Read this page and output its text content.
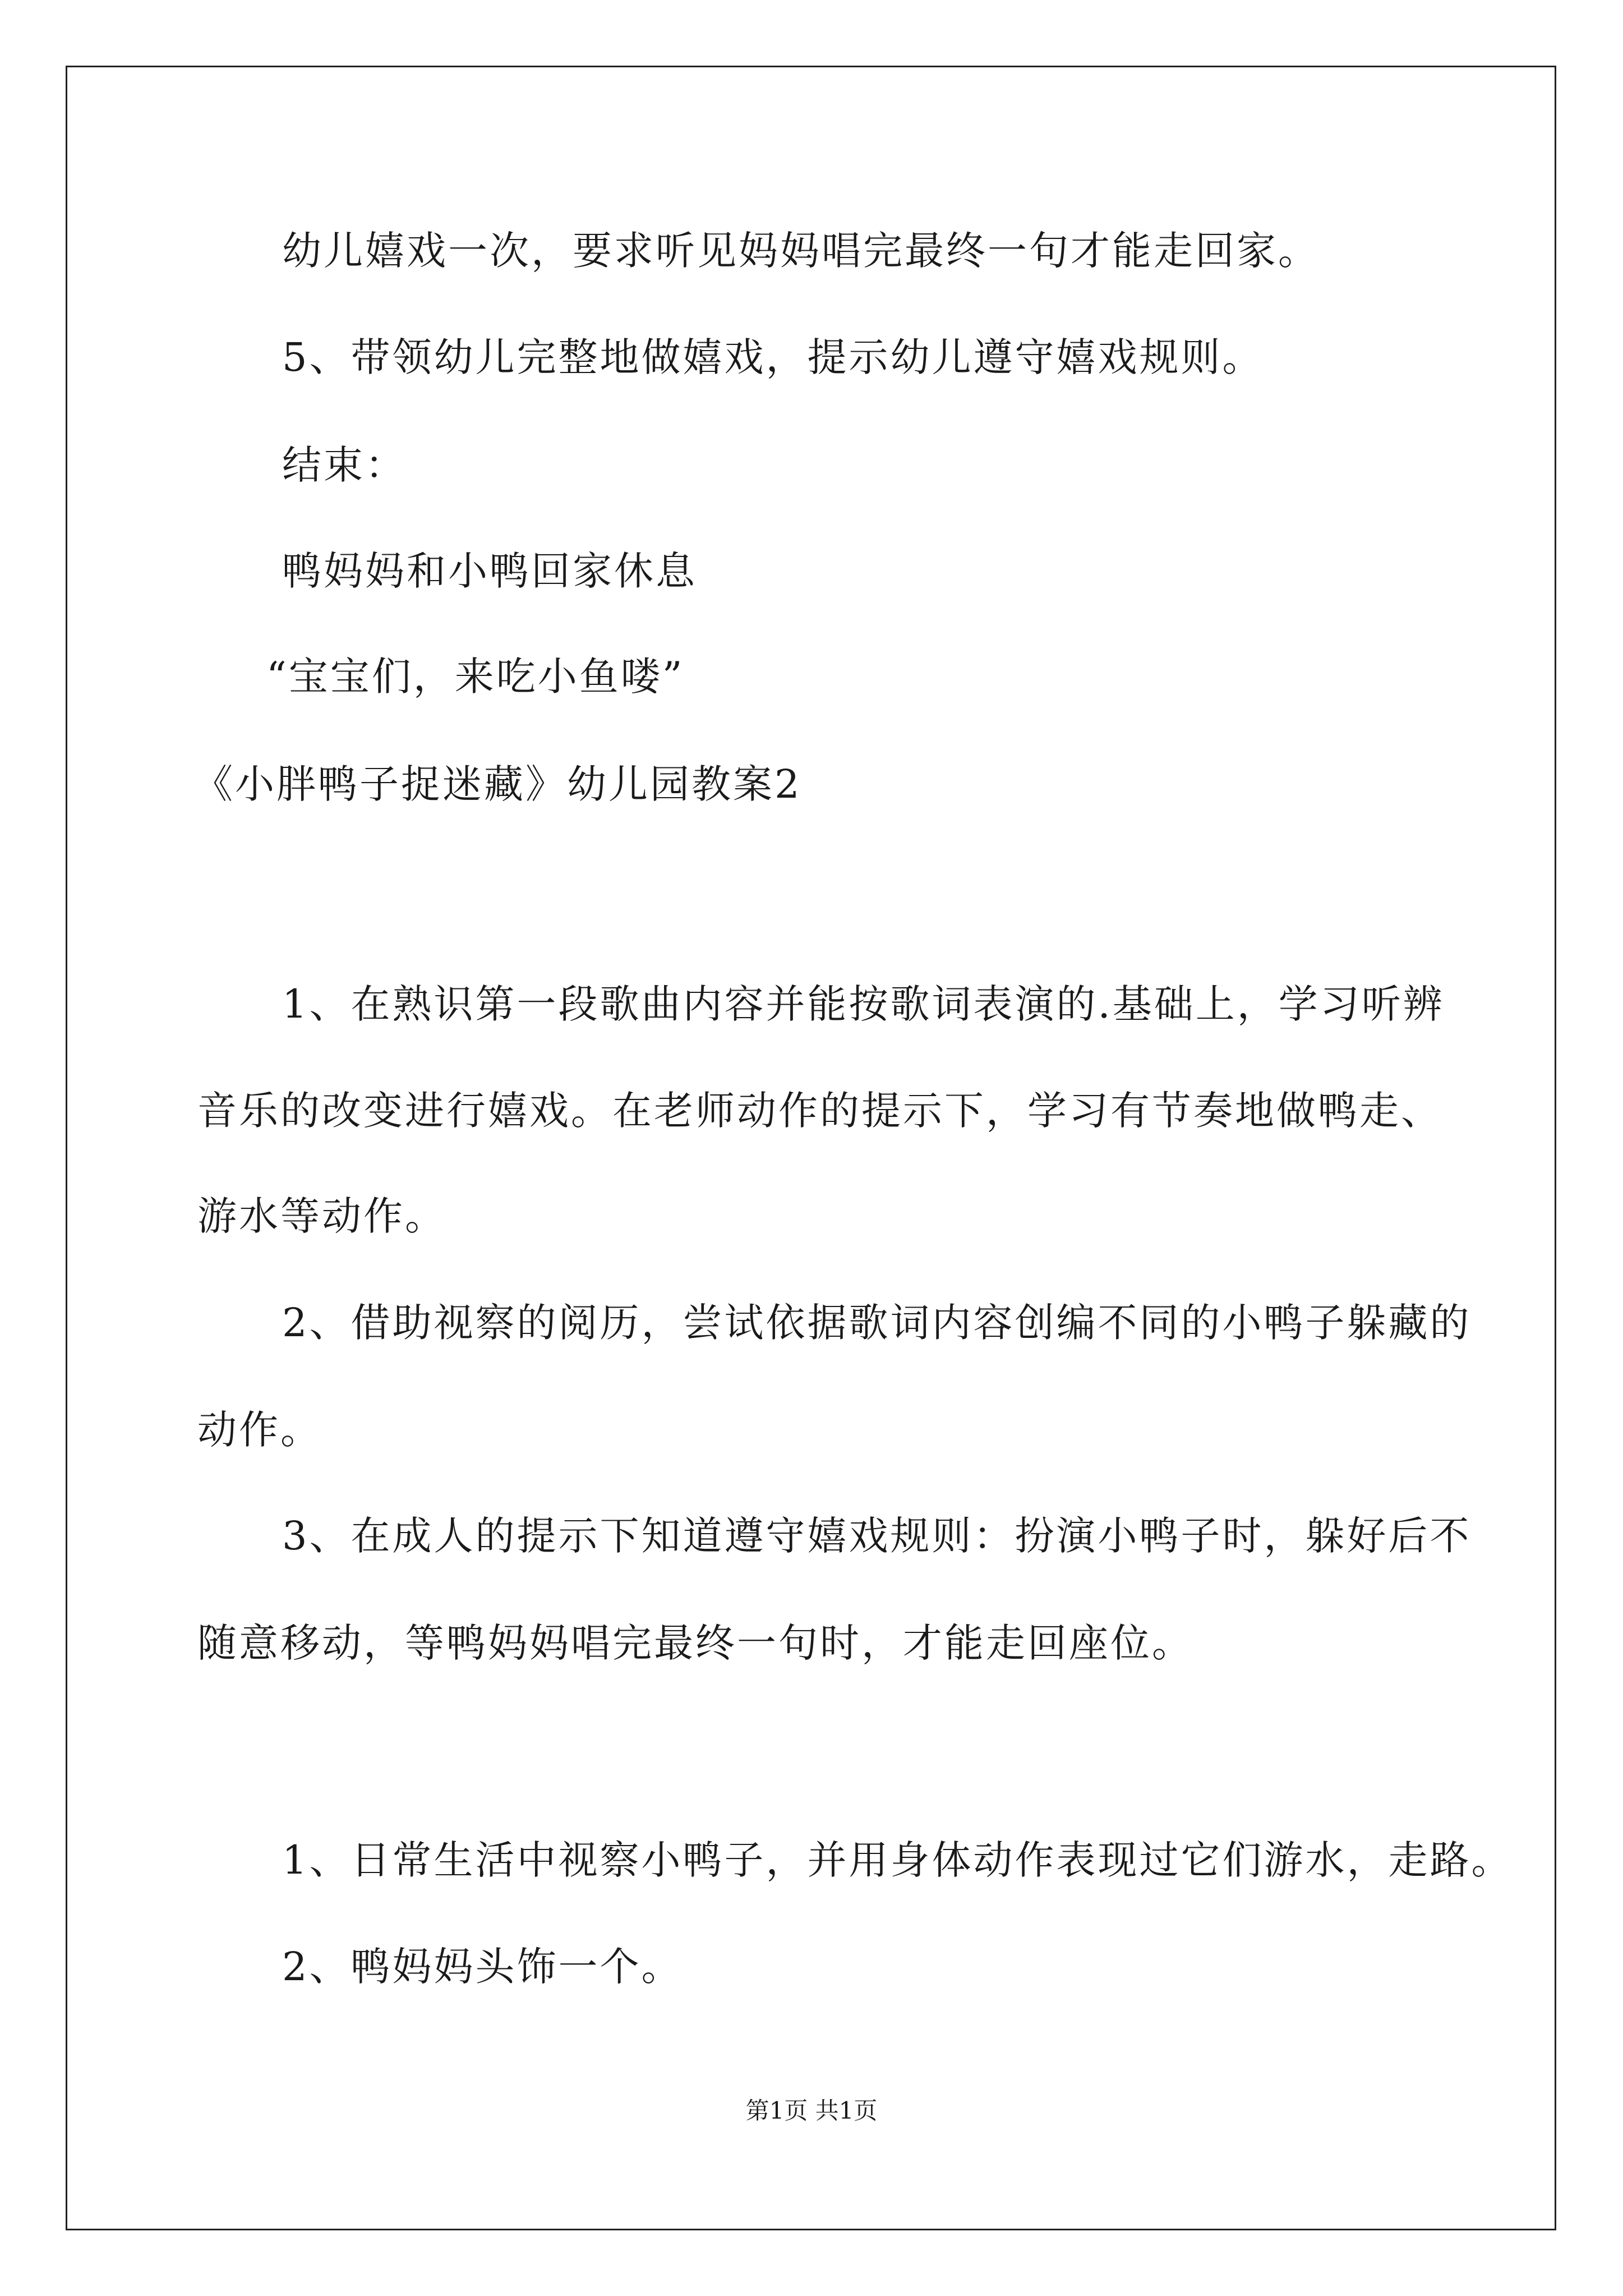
幼儿嬉戏一次，要求听见妈妈唱完最终一句才能走回家。
5、带领幼儿完整地做嬉戏，提示幼儿遵守嬉戏规则。
结束：
鸭妈妈和小鸭回家休息
“宝宝们，来吃小鱼喽”
《小胖鸭子捉迷藏》幼儿园教案2
1、在熟识第一段歌曲内容并能按歌词表演的.基础上，学习听辨
音乐的改变进行嬉戏。在老师动作的提示下，学习有节奏地做鸭走、
游水等动作。
2、借助视察的阅历，尝试依据歌词内容创编不同的小鸭子躲藏的
动作。
3、在成人的提示下知道遵守嬉戏规则：扮演小鸭子时，躲好后不
随意移动，等鸭妈妈唱完最终一句时，才能走回座位。
1、日常生活中视察小鸭子，并用身体动作表现过它们游水，走路。
2、鸭妈妈头饰一个。
第1页 共1页
